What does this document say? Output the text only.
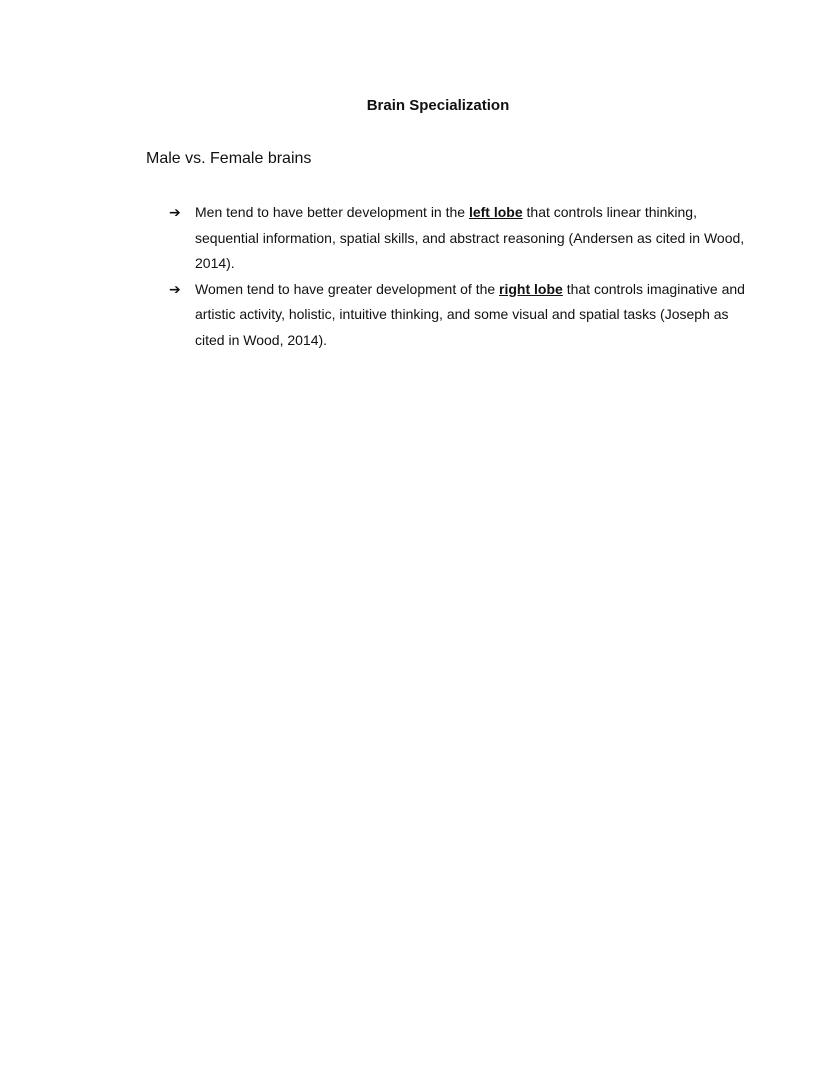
Brain Specialization
Male vs. Female brains
➔ Men tend to have better development in the left lobe that controls linear thinking, sequential information, spatial skills, and abstract reasoning (Andersen as cited in Wood, 2014).
➔ Women tend to have greater development of the right lobe that controls imaginative and artistic activity, holistic, intuitive thinking, and some visual and spatial tasks (Joseph as cited in Wood, 2014).
